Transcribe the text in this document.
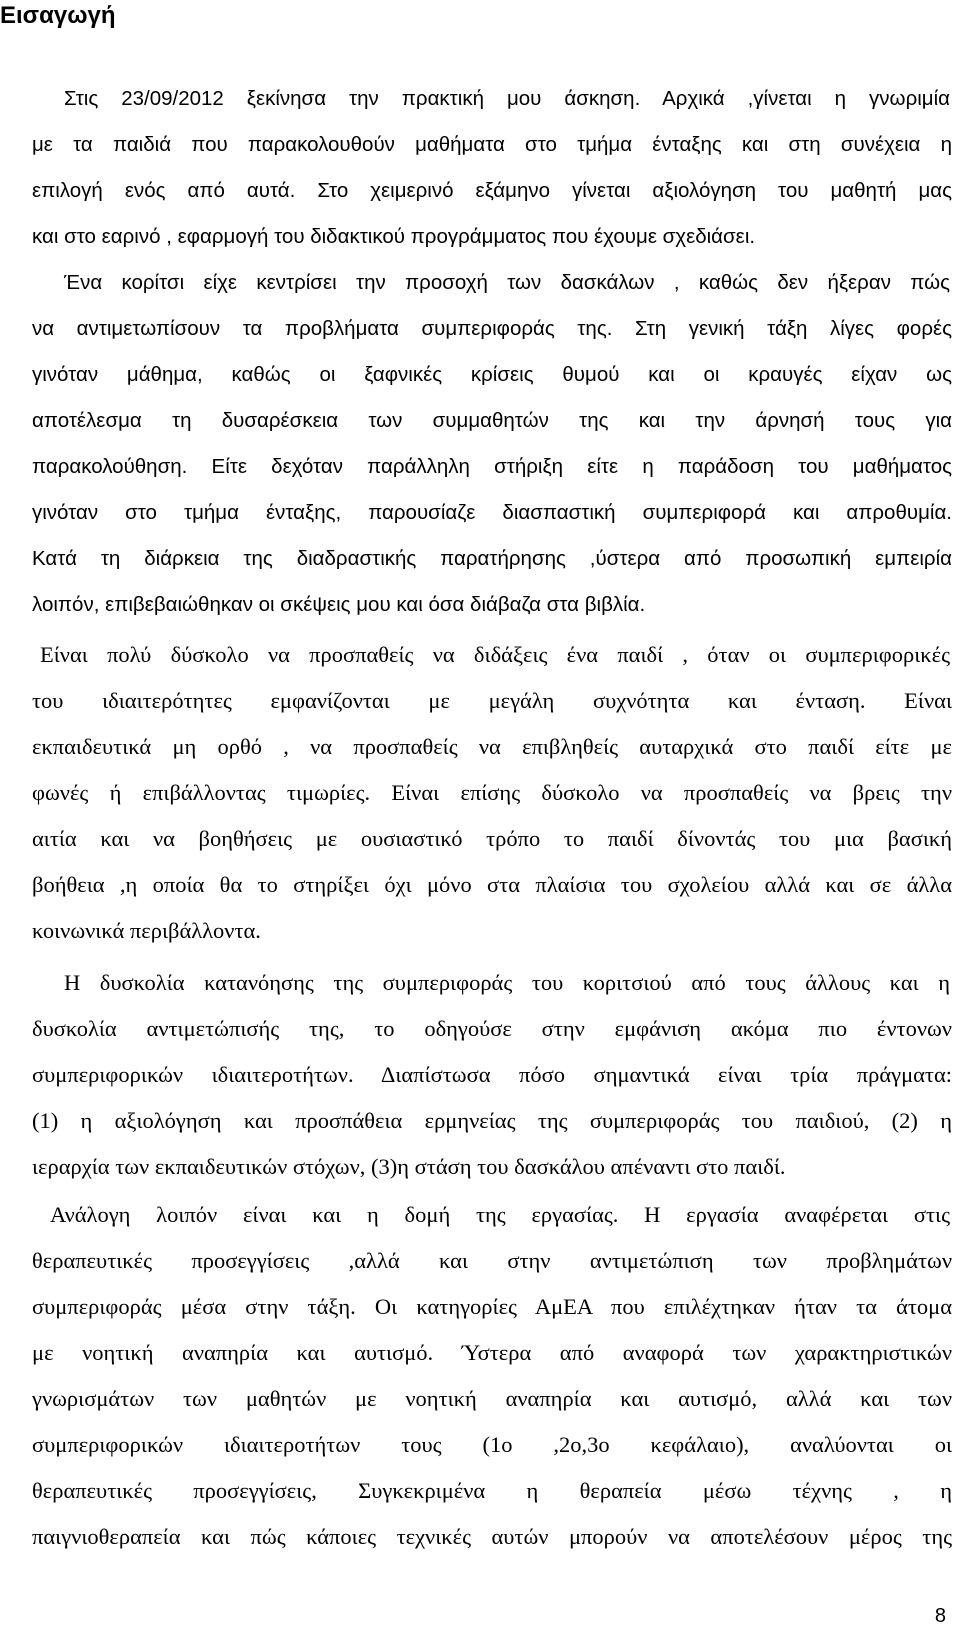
Εισαγωγή

Στις 23/09/2012 ξεκίνησα την πρακτική μου άσκηση. Αρχικά ,γίνεται η γνωριμία

με τα παιδιά που παρακολουθούν μαθήματα στο τμήμα ένταξης και στη συνέχεια η

επιλογή ενός από αυτά. Στο χειμερινό εξάμηνο γίνεται αξιολόγηση του μαθητή μας

και στο εαρινό , εφαρμογή του διδακτικού προγράμματος που έχουμε σχεδιάσει.

Ένα κορίτσι είχε κεντρίσει την προσοχή των δασκάλων , καθώς δεν ήξεραν πώς

να αντιμετωπίσουν τα προβλήματα συμπεριφοράς της. Στη γενική τάξη λίγες φορές

γινόταν μάθημα, καθώς οι ξαφνικές κρίσεις θυμού και οι κραυγές είχαν ως

αποτέλεσμα τη δυσαρέσκεια των συμμαθητών της και την άρνησή τους για

παρακολούθηση. Είτε δεχόταν παράλληλη στήριξη είτε η παράδοση του μαθήματος

γινόταν στο τμήμα ένταξης, παρουσίαζε διασπαστική συμπεριφορά και απροθυμία.

Κατά τη διάρκεια της διαδραστικής παρατήρησης ,ύστερα από προσωπική εμπειρία

λοιπόν, επιβεβαιώθηκαν οι σκέψεις μου και όσα διάβαζα στα βιβλία.

Είναι πολύ δύσκολο να προσπαθείς να διδάξεις ένα παιδί , όταν οι συμπεριφορικές

του ιδιαιτερότητες εμφανίζονται με μεγάλη συχνότητα και ένταση. Είναι

εκπαιδευτικά μη ορθό , να προσπαθείς να επιβληθείς αυταρχικά στο παιδί είτε με

φωνές ή επιβάλλοντας τιμωρίες. Είναι επίσης δύσκολο να προσπαθείς να βρεις την

αιτία και να βοηθήσεις με ουσιαστικό τρόπο το παιδί δίνοντάς του μια βασική

βοήθεια ,η οποία θα το στηρίξει όχι μόνο στα πλαίσια του σχολείου αλλά και σε άλλα

κοινωνικά περιβάλλοντα.

Η δυσκολία κατανόησης της συμπεριφοράς του κοριτσιού από τους άλλους και η

δυσκολία αντιμετώπισής της, το οδηγούσε στην εμφάνιση ακόμα πιο έντονων

συμπεριφορικών ιδιαιτεροτήτων. Διαπίστωσα πόσο σημαντικά είναι τρία πράγματα:

(1) η αξιολόγηση και προσπάθεια ερμηνείας της συμπεριφοράς του παιδιού, (2) η

ιεραρχία των εκπαιδευτικών στόχων, (3)η στάση του δασκάλου απέναντι στο παιδί.

Ανάλογη λοιπόν είναι και η δομή της εργασίας. Η εργασία αναφέρεται στις

θεραπευτικές προσεγγίσεις ,αλλά και στην αντιμετώπιση των προβλημάτων

συμπεριφοράς μέσα στην τάξη. Οι κατηγορίες ΑμΕΑ που επιλέχτηκαν ήταν τα άτομα

με νοητική αναπηρία και αυτισμό. Ύστερα από αναφορά των χαρακτηριστικών

γνωρισμάτων των μαθητών με νοητική αναπηρία και αυτισμό, αλλά και των

συμπεριφορικών ιδιαιτεροτήτων τους (1ο ,2ο,3ο κεφάλαιο), αναλύονται οι

θεραπευτικές προσεγγίσεις, Συγκεκριμένα η θεραπεία μέσω τέχνης , η

παιγνιοθεραπεία και πώς κάποιες τεχνικές αυτών μπορούν να αποτελέσουν μέρος της

8
